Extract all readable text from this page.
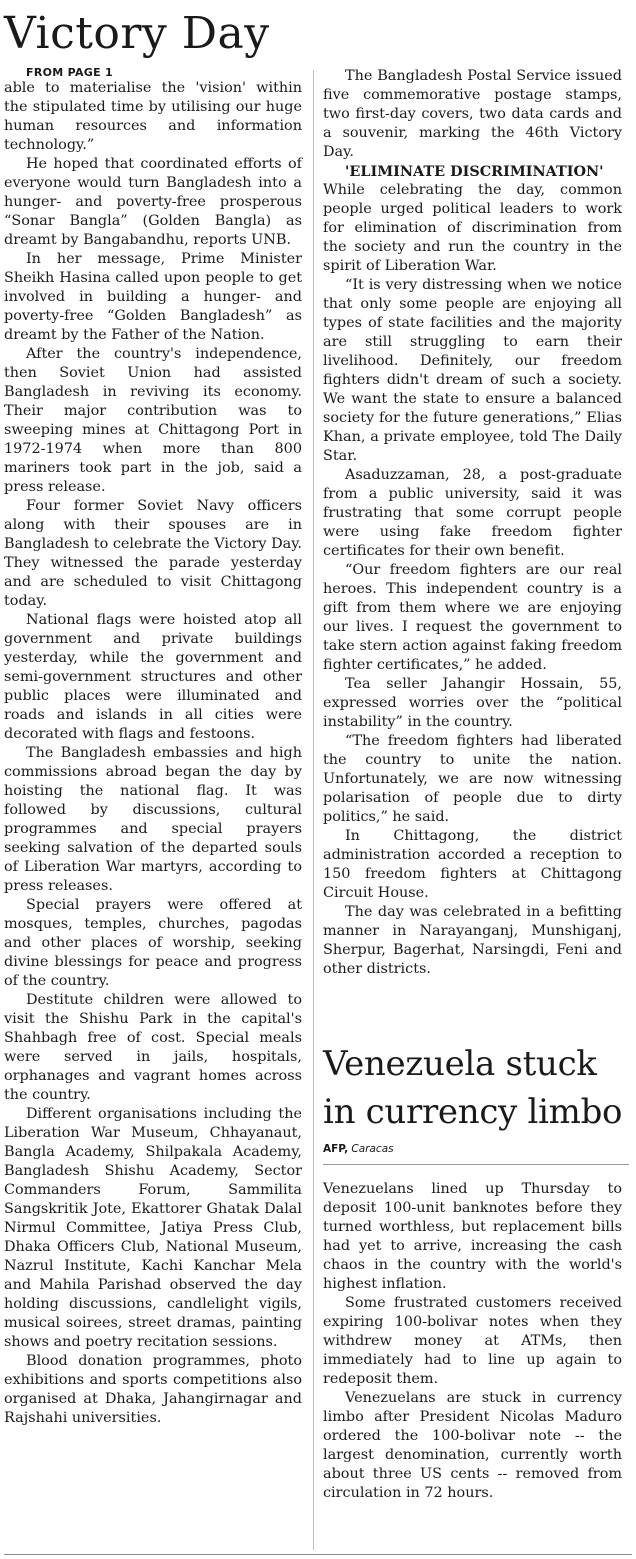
Victory Day

FROM PAGE 1

able to materialise the 'vision' within the stipulated time by utilising our huge human resources and information technology.”

He hoped that coordinated efforts of everyone would turn Bangladesh into a hunger- and poverty-free prosperous “Sonar Bangla” (Golden Bangla) as dreamt by Bangabandhu, reports UNB.

In her message, Prime Minister Sheikh Hasina called upon people to get involved in building a hunger- and poverty-free “Golden Bangladesh” as dreamt by the Father of the Nation.

After the country's independence, then Soviet Union had assisted Bangladesh in reviving its economy. Their major contribution was to sweeping mines at Chittagong Port in 1972-1974 when more than 800 mariners took part in the job, said a press release.

Four former Soviet Navy officers along with their spouses are in Bangladesh to celebrate the Victory Day. They witnessed the parade yesterday and are scheduled to visit Chittagong today.

National flags were hoisted atop all government and private buildings yesterday, while the government and semi-government structures and other public places were illuminated and roads and islands in all cities were decorated with flags and festoons.

The Bangladesh embassies and high commissions abroad began the day by hoisting the national flag. It was followed by discussions, cultural programmes and special prayers seeking salvation of the departed souls of Liberation War martyrs, according to press releases.

Special prayers were offered at mosques, temples, churches, pagodas and other places of worship, seeking divine blessings for peace and progress of the country.

Destitute children were allowed to visit the Shishu Park in the capital's Shahbagh free of cost. Special meals were served in jails, hospitals, orphanages and vagrant homes across the country.

Different organisations including the Liberation War Museum, Chhayanaut, Bangla Academy, Shilpakala Academy, Bangladesh Shishu Academy, Sector Commanders Forum, Sammilita Sangskritik Jote, Ekattorer Ghatak Dalal Nirmul Committee, Jatiya Press Club, Dhaka Officers Club, National Museum, Nazrul Institute, Kachi Kanchar Mela and Mahila Parishad observed the day holding discussions, candlelight vigils, musical soirees, street dramas, painting shows and poetry recitation sessions.

Blood donation programmes, photo exhibitions and sports competitions also organised at Dhaka, Jahangirnagar and Rajshahi universities.

The Bangladesh Postal Service issued five commemorative postage stamps, two first-day covers, two data cards and a souvenir, marking the 46th Victory Day.

'ELIMINATE DISCRIMINATION'

While celebrating the day, common people urged political leaders to work for elimination of discrimination from the society and run the country in the spirit of Liberation War.

“It is very distressing when we notice that only some people are enjoying all types of state facilities and the majority are still struggling to earn their livelihood. Definitely, our freedom fighters didn't dream of such a society. We want the state to ensure a balanced society for the future generations,” Elias Khan, a private employee, told The Daily Star.

Asaduzzaman, 28, a post-graduate from a public university, said it was frustrating that some corrupt people were using fake freedom fighter certificates for their own benefit.

“Our freedom fighters are our real heroes. This independent country is a gift from them where we are enjoying our lives. I request the government to take stern action against faking freedom fighter certificates,” he added.

Tea seller Jahangir Hossain, 55, expressed worries over the “political instability” in the country.

“The freedom fighters had liberated the country to unite the nation. Unfortunately, we are now witnessing polarisation of people due to dirty politics,” he said.

In Chittagong, the district administration accorded a reception to 150 freedom fighters at Chittagong Circuit House.

The day was celebrated in a befitting manner in Narayanganj, Munshiganj, Sherpur, Bagerhat, Narsingdi, Feni and other districts.

Venezuela stuck in currency limbo
AFP, Caracas

Venezuelans lined up Thursday to deposit 100-unit banknotes before they turned worthless, but replacement bills had yet to arrive, increasing the cash chaos in the country with the world's highest inflation.

Some frustrated customers received expiring 100-bolivar notes when they withdrew money at ATMs, then immediately had to line up again to redeposit them.

Venezuelans are stuck in currency limbo after President Nicolas Maduro ordered the 100-bolivar note -- the largest denomination, currently worth about three US cents -- removed from circulation in 72 hours.
